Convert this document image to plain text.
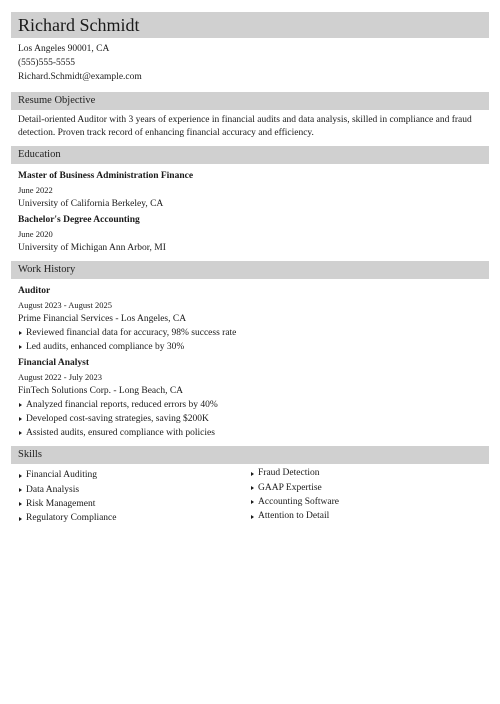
Richard Schmidt
Los Angeles 90001, CA
(555)555-5555
Richard.Schmidt@example.com
Resume Objective
Detail-oriented Auditor with 3 years of experience in financial audits and data analysis, skilled in compliance and fraud detection. Proven track record of enhancing financial accuracy and efficiency.
Education
Master of Business Administration Finance
June 2022
University of California Berkeley, CA
Bachelor's Degree Accounting
June 2020
University of Michigan Ann Arbor, MI
Work History
Auditor
August 2023 - August 2025
Prime Financial Services - Los Angeles, CA
Reviewed financial data for accuracy, 98% success rate
Led audits, enhanced compliance by 30%
Financial Analyst
August 2022 - July 2023
FinTech Solutions Corp. - Long Beach, CA
Analyzed financial reports, reduced errors by 40%
Developed cost-saving strategies, saving $200K
Assisted audits, ensured compliance with policies
Skills
Financial Auditing
Data Analysis
Risk Management
Regulatory Compliance
Fraud Detection
GAAP Expertise
Accounting Software
Attention to Detail
